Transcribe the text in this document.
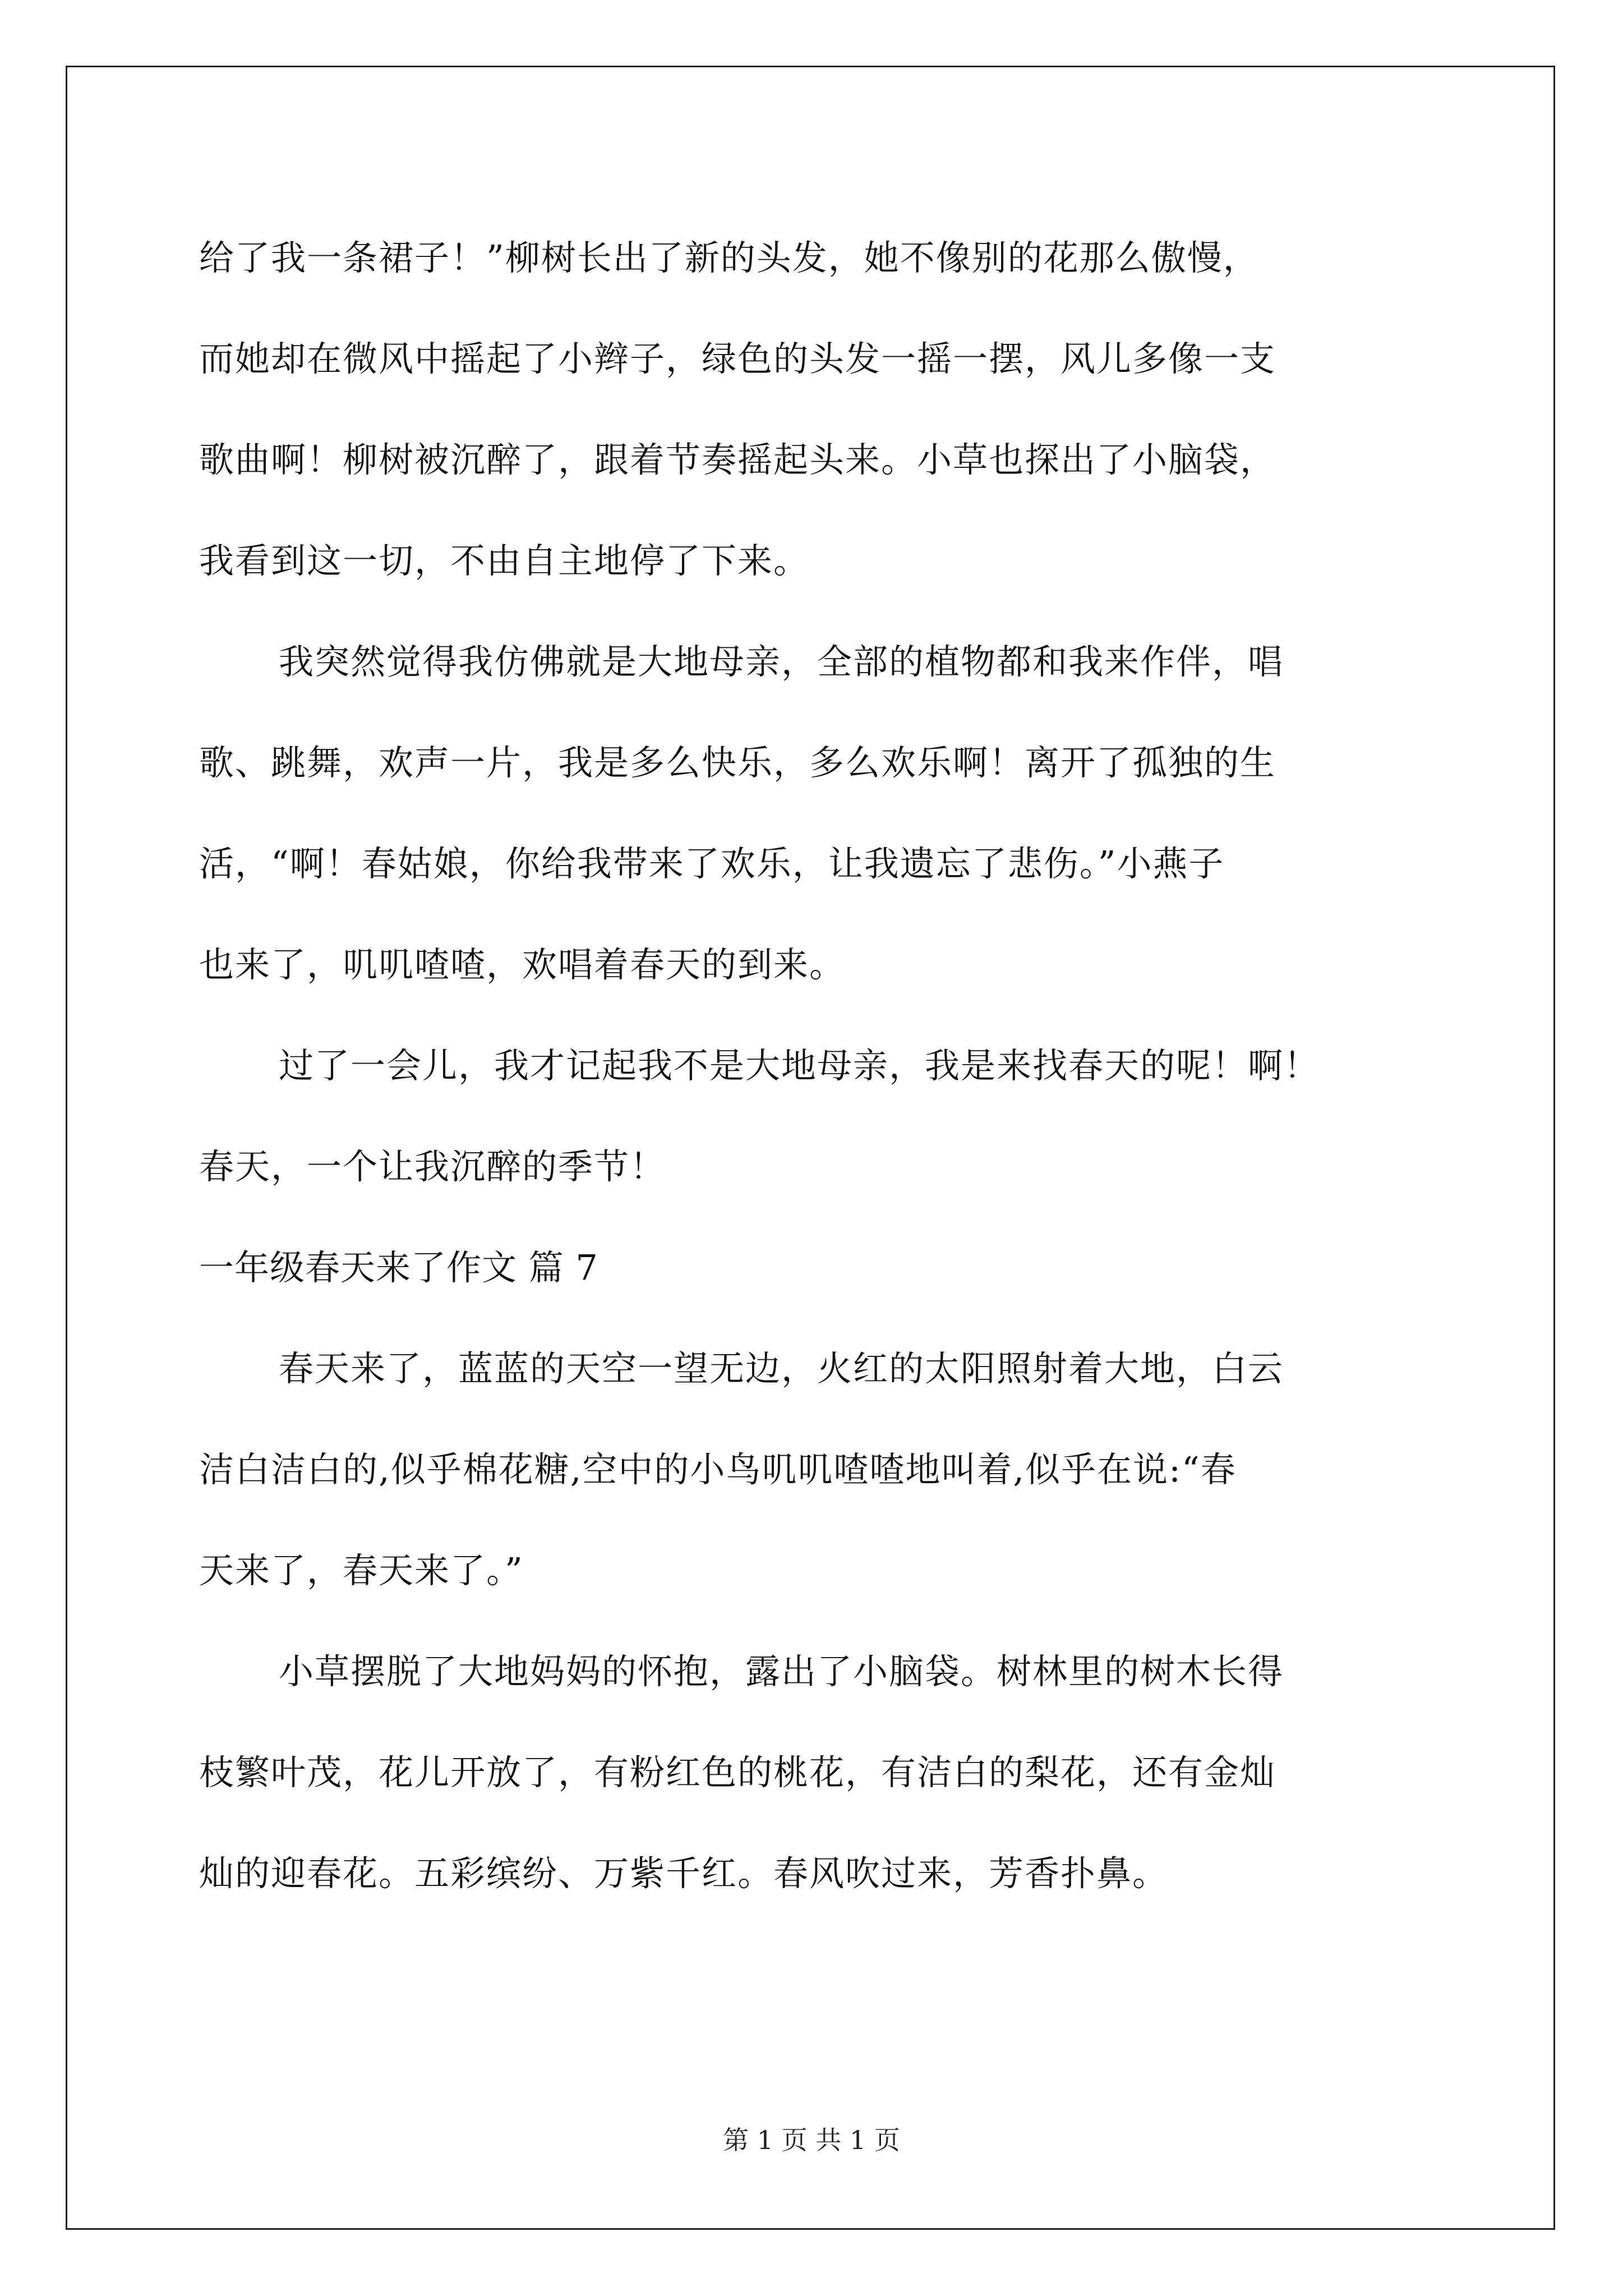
给了我一条裙子！”柳树长出了新的头发，她不像别的花那么傲慢，
而她却在微风中摇起了小辫子，绿色的头发一摇一摆，风儿多像一支
歌曲啊！柳树被沉醉了，跟着节奏摇起头来。小草也探出了小脑袋，
我看到这一切，不由自主地停了下来。
我突然觉得我仿佛就是大地母亲，全部的植物都和我来作伴，唱
歌、跳舞，欢声一片，我是多么快乐，多么欢乐啊！离开了孤独的生
活，“啊！春姑娘，你给我带来了欢乐，让我遗忘了悲伤。”小燕子
也来了，叽叽喳喳，欢唱着春天的到来。
过了一会儿，我才记起我不是大地母亲，我是来找春天的呢！啊！
春天，一个让我沉醉的季节！
一年级春天来了作文 篇 7
春天来了，蓝蓝的天空一望无边，火红的太阳照射着大地，白云
洁白洁白的,似乎棉花糖,空中的小鸟叽叽喳喳地叫着,似乎在说:“春
天来了，春天来了。”
小草摆脱了大地妈妈的怀抱，露出了小脑袋。树林里的树木长得
枝繁叶茂，花儿开放了，有粉红色的桃花，有洁白的梨花，还有金灿
灿的迎春花。五彩缤纷、万紫千红。春风吹过来，芳香扑鼻。
第 1 页 共 1 页
